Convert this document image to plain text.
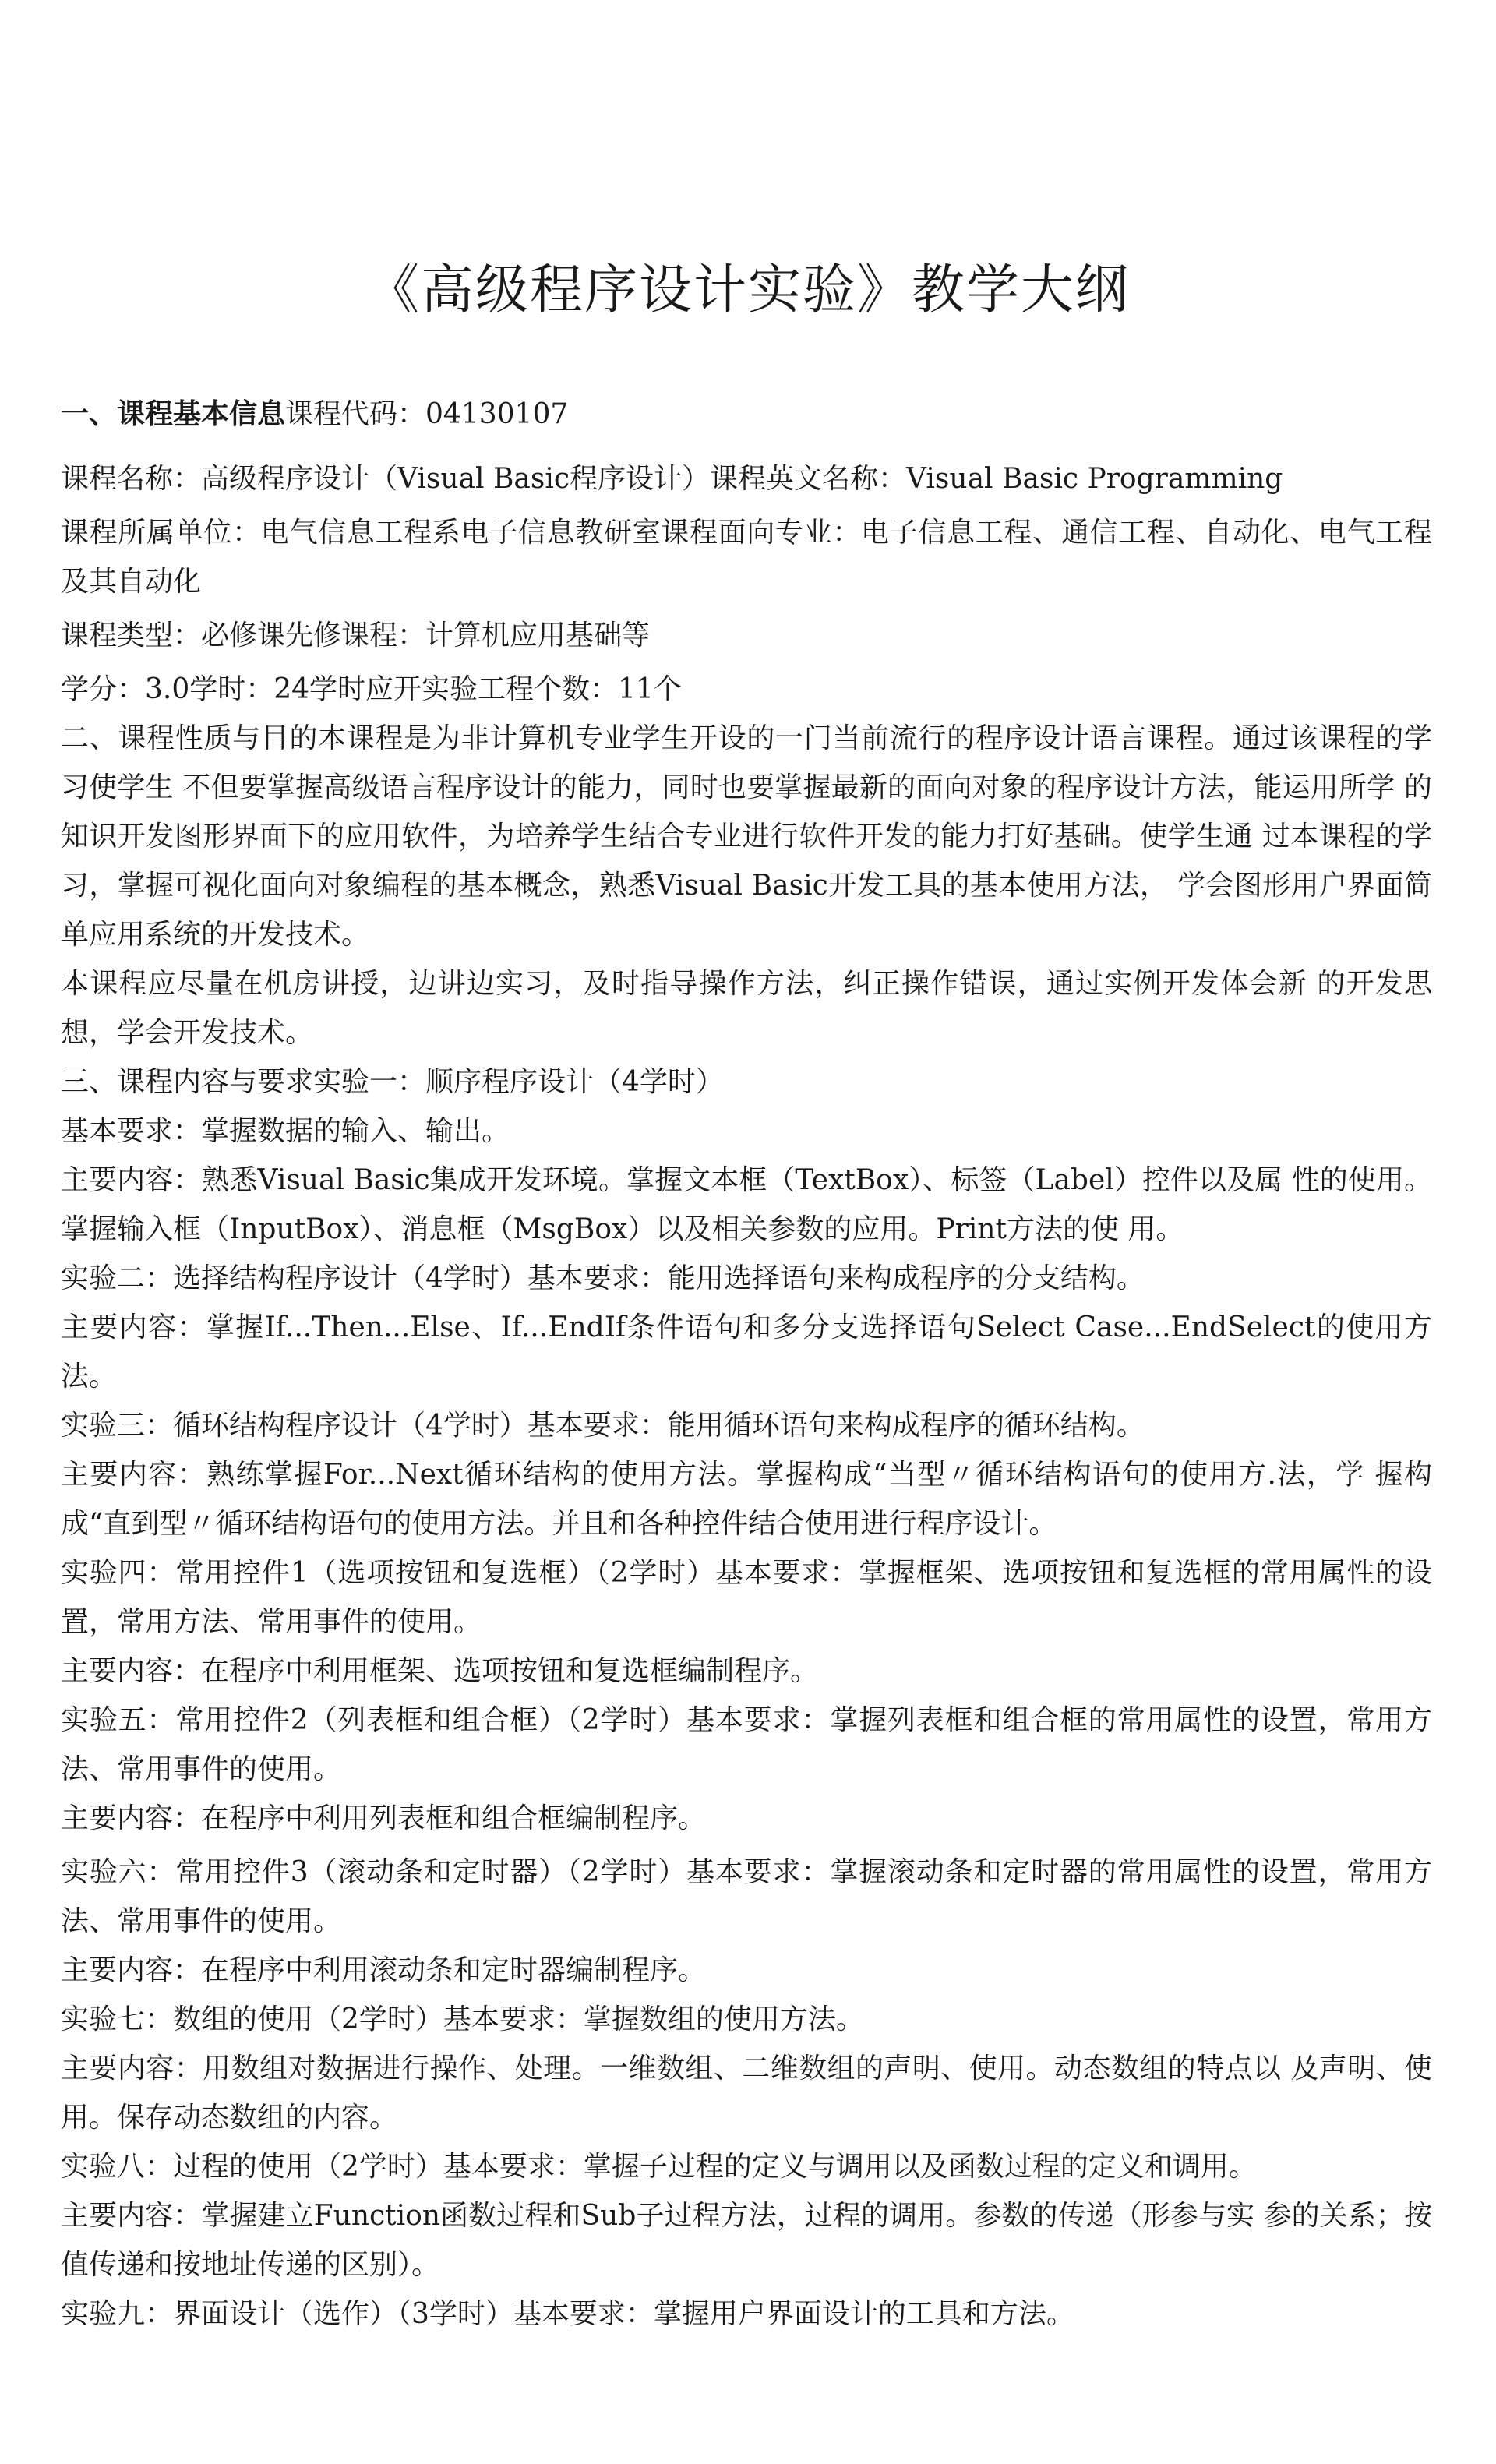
《高级程序设计实验》教学大纲

一、课程基本信息课程代码：04130107

课程名称：高级程序设计（Visual Basic程序设计）课程英文名称：Visual Basic Programming

课程所属单位：电气信息工程系电子信息教研室课程面向专业：电子信息工程、通信工程、自动化、电气工程及其自动化

课程类型：必修课先修课程：计算机应用基础等

学分：3.0学时：24学时应开实验工程个数：11个

二、课程性质与目的本课程是为非计算机专业学生开设的一门当前流行的程序设计语言课程。通过该课程的学习使学生 不但要掌握高级语言程序设计的能力，同时也要掌握最新的面向对象的程序设计方法，能运用所学 的知识开发图形界面下的应用软件，为培养学生结合专业进行软件开发的能力打好基础。使学生通 过本课程的学习，掌握可视化面向对象编程的基本概念，熟悉Visual Basic开发工具的基本使用方法， 学会图形用户界面简单应用系统的开发技术。

本课程应尽量在机房讲授，边讲边实习，及时指导操作方法，纠正操作错误，通过实例开发体会新 的开发思想，学会开发技术。

三、课程内容与要求实验一：顺序程序设计（4学时）

基本要求：掌握数据的输入、输出。

主要内容：熟悉Visual Basic集成开发环境。掌握文本框（TextBox）、标签（Label）控件以及属 性的使用。掌握输入框（InputBox）、消息框（MsgBox）以及相关参数的应用。Print方法的使 用。

实验二：选择结构程序设计（4学时）基本要求：能用选择语句来构成程序的分支结构。

主要内容：掌握If...Then...Else、If...EndIf条件语句和多分支选择语句Select Case...EndSelect的使用方 法。

实验三：循环结构程序设计（4学时）基本要求：能用循环语句来构成程序的循环结构。

主要内容：熟练掌握For...Next循环结构的使用方法。掌握构成“当型〃循环结构语句的使用方.法，学 握构成“直到型〃循环结构语句的使用方法。并且和各种控件结合使用进行程序设计。

实验四：常用控件1（选项按钮和复选框）（2学时）基本要求：掌握框架、选项按钮和复选框的常用属性的设置，常用方法、常用事件的使用。

主要内容：在程序中利用框架、选项按钮和复选框编制程序。

实验五：常用控件2（列表框和组合框）（2学时）基本要求：掌握列表框和组合框的常用属性的设置，常用方法、常用事件的使用。

主要内容：在程序中利用列表框和组合框编制程序。

实验六：常用控件3（滚动条和定时器）（2学时）基本要求：掌握滚动条和定时器的常用属性的设置，常用方法、常用事件的使用。

主要内容：在程序中利用滚动条和定时器编制程序。

实验七：数组的使用（2学时）基本要求：掌握数组的使用方法。

主要内容：用数组对数据进行操作、处理。一维数组、二维数组的声明、使用。动态数组的特点以 及声明、使用。保存动态数组的内容。

实验八：过程的使用（2学时）基本要求：掌握子过程的定义与调用以及函数过程的定义和调用。

主要内容：掌握建立Function函数过程和Sub子过程方法，过程的调用。参数的传递（形参与实 参的关系；按值传递和按地址传递的区别）。

实验九：界面设计（选作）（3学时）基本要求：掌握用户界面设计的工具和方法。
